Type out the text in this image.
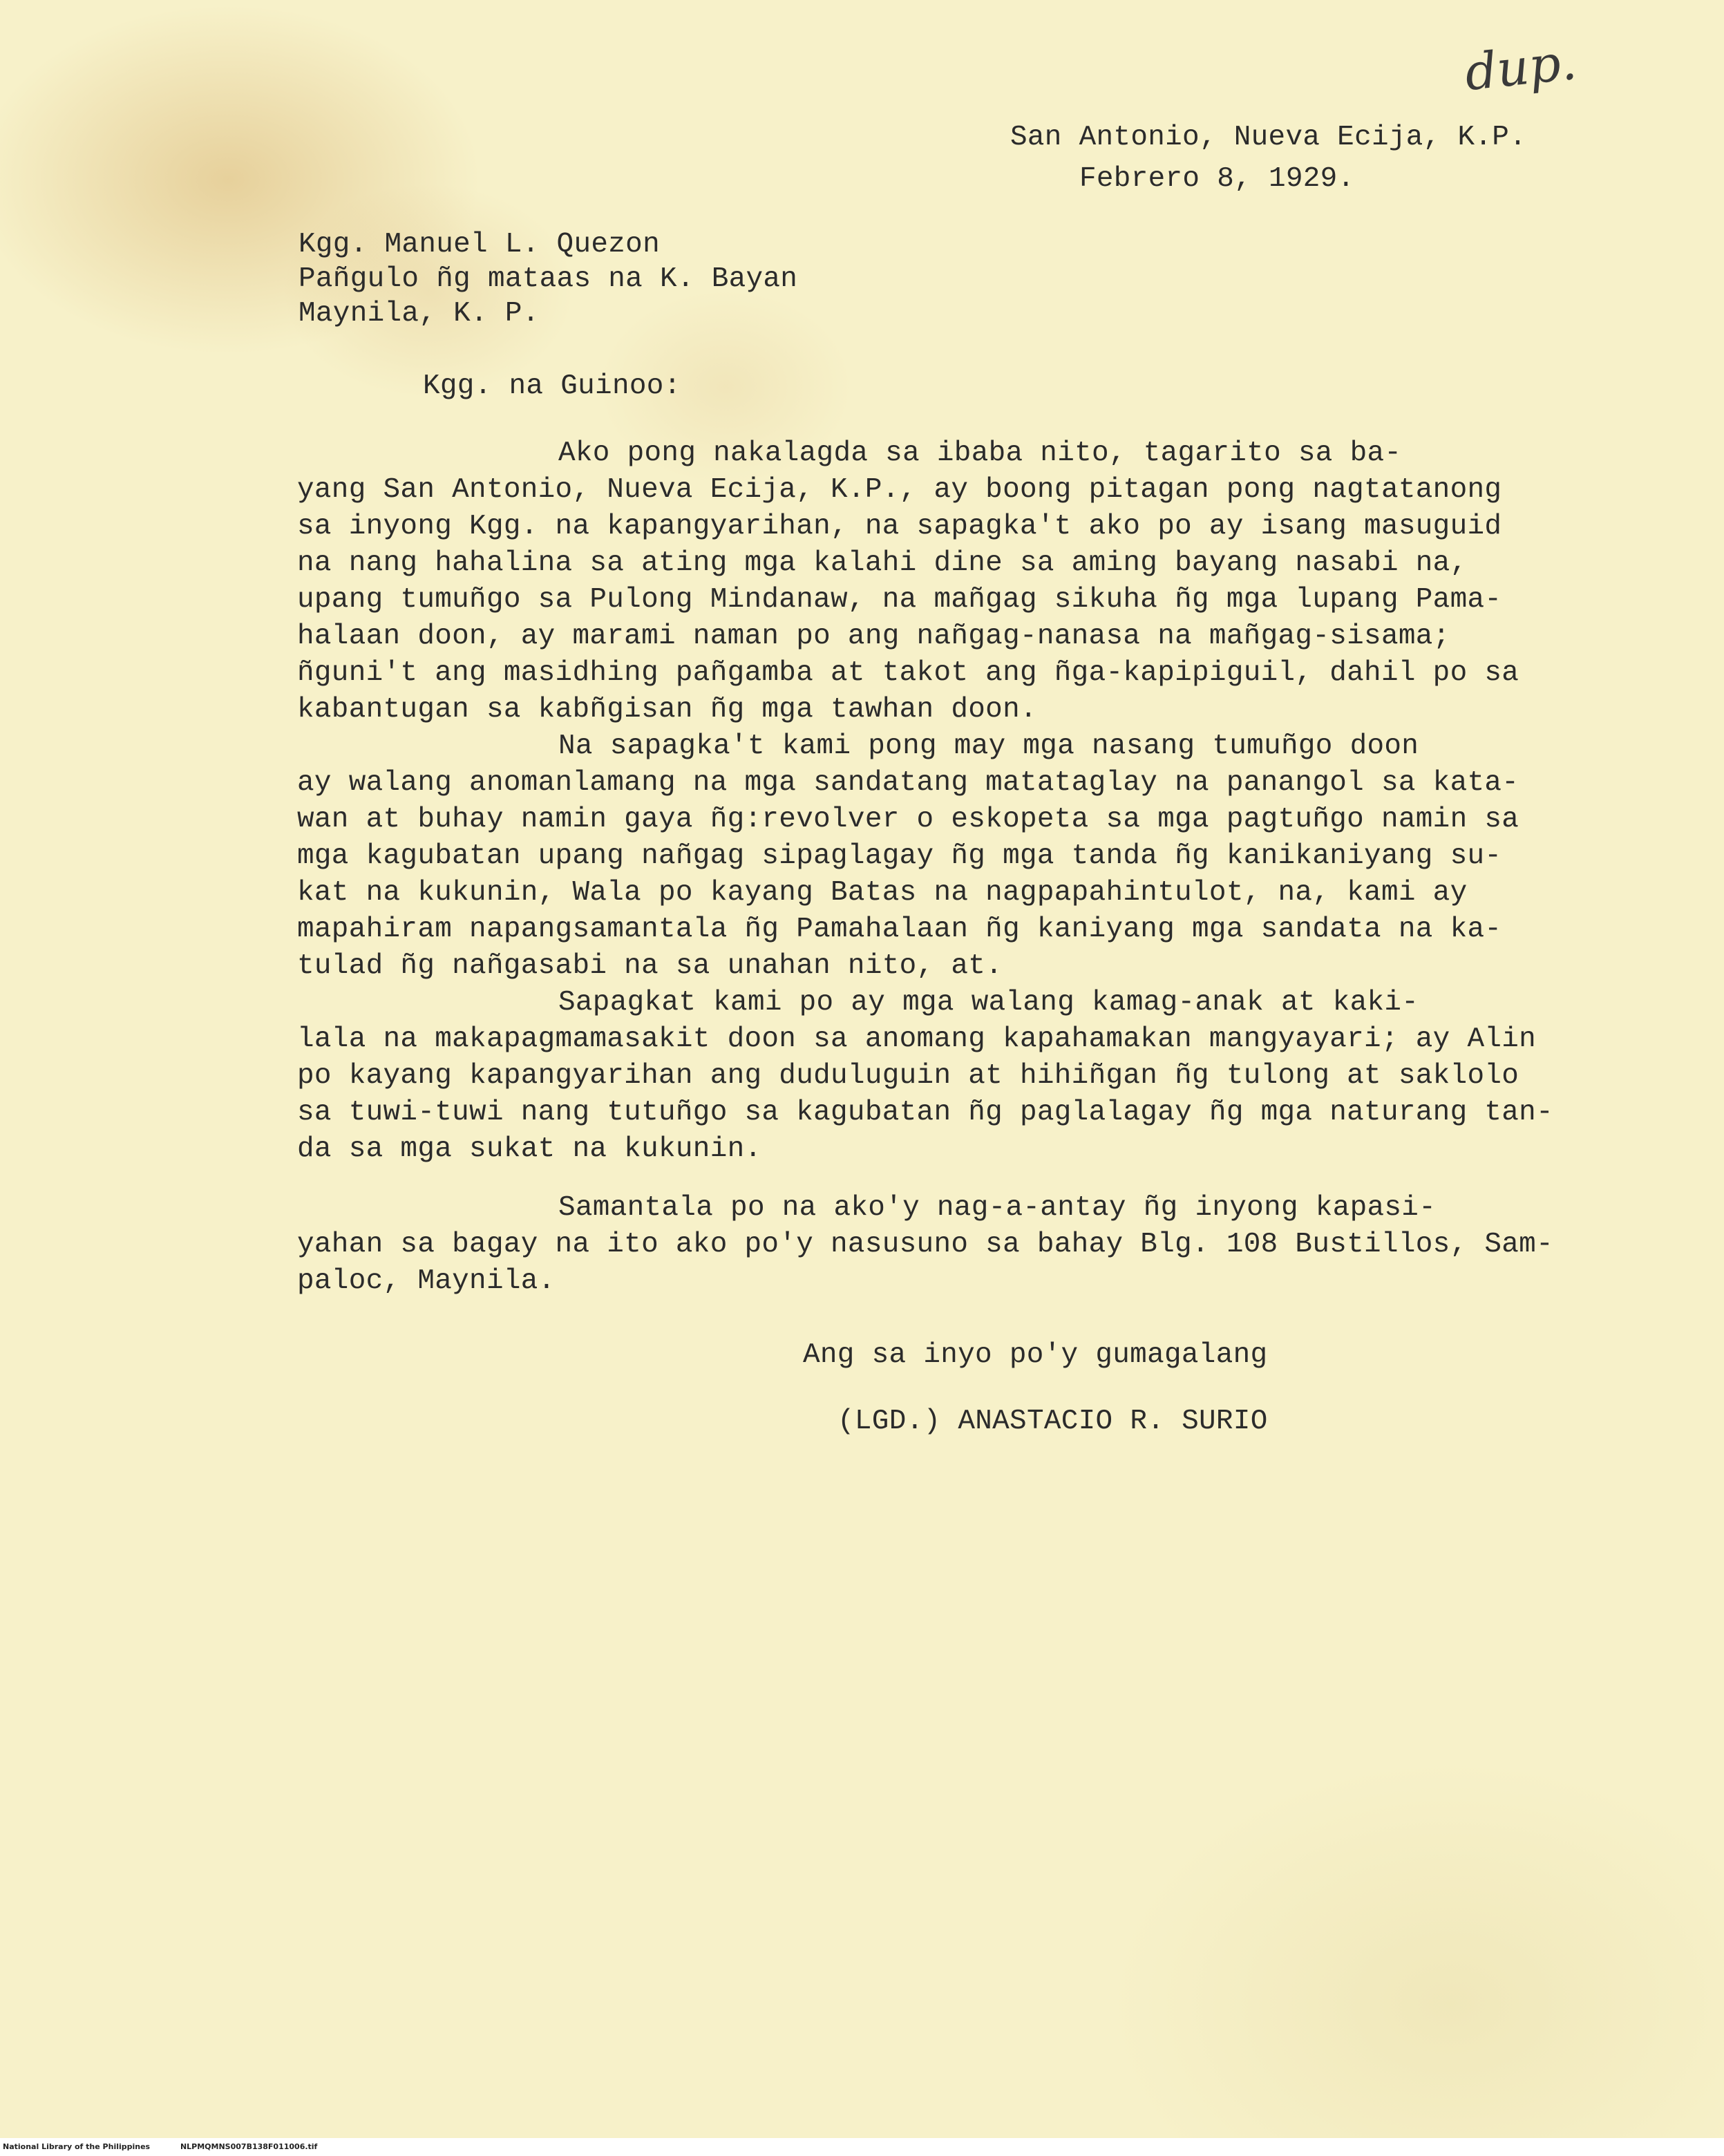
dup.
San Antonio, Nueva Ecija, K.P.
Febrero 8, 1929.
Kgg. Manuel L. Quezon
Pañgulo ñg mataas na K. Bayan
Maynila, K. P.
Kgg. na Guinoo:
Ako pong nakalagda sa ibaba nito, tagarito sa ba-
yang San Antonio, Nueva Ecija, K.P., ay boong pitagan pong nagtatanong
sa inyong Kgg. na kapangyarihan, na sapagka't ako po ay isang masuguid
na nang hahalina sa ating mga kalahi dine sa aming bayang nasabi na,
upang tumuñgo sa Pulong Mindanaw, na mañgag sikuha ñg mga lupang Pama-
halaan doon, ay marami naman po ang nañgag-nanasa na mañgag-sisama;
ñguni't ang masidhing pañgamba at takot ang ñga-kapipiguil, dahil po sa
kabantugan sa kabñgisan ñg mga tawhan doon.
Na sapagka't kami pong may mga nasang tumuñgo doon
ay walang anomanlamang na mga sandatang matataglay na panangol sa kata-
wan at buhay namin gaya ñg:revolver o eskopeta sa mga pagtuñgo namin sa
mga kagubatan upang nañgag sipaglagay ñg mga tanda ñg kanikaniyang su-
kat na kukunin, Wala po kayang Batas na nagpapahintulot, na, kami ay
mapahiram napangsamantala ñg Pamahalaan ñg kaniyang mga sandata na ka-
tulad ñg nañgasabi na sa unahan nito, at.
Sapagkat kami po ay mga walang kamag-anak at kaki-
lala na makapagmamasakit doon sa anomang kapahamakan mangyayari; ay Alin
po kayang kapangyarihan ang duduluguin at hihiñgan ñg tulong at saklolo
sa tuwi-tuwi nang tutuñgo sa kagubatan ñg paglalagay ñg mga naturang tan-
da sa mga sukat na kukunin.
Samantala po na ako'y nag-a-antay ñg inyong kapasi-
yahan sa bagay na ito ako po'y nasusuno sa bahay Blg. 108 Bustillos, Sam-
paloc, Maynila.
Ang sa inyo po'y gumagalang
(LGD.) ANASTACIO R. SURIO
National Library of the Philippines	NLPMQMNS007B138F011006.tif
